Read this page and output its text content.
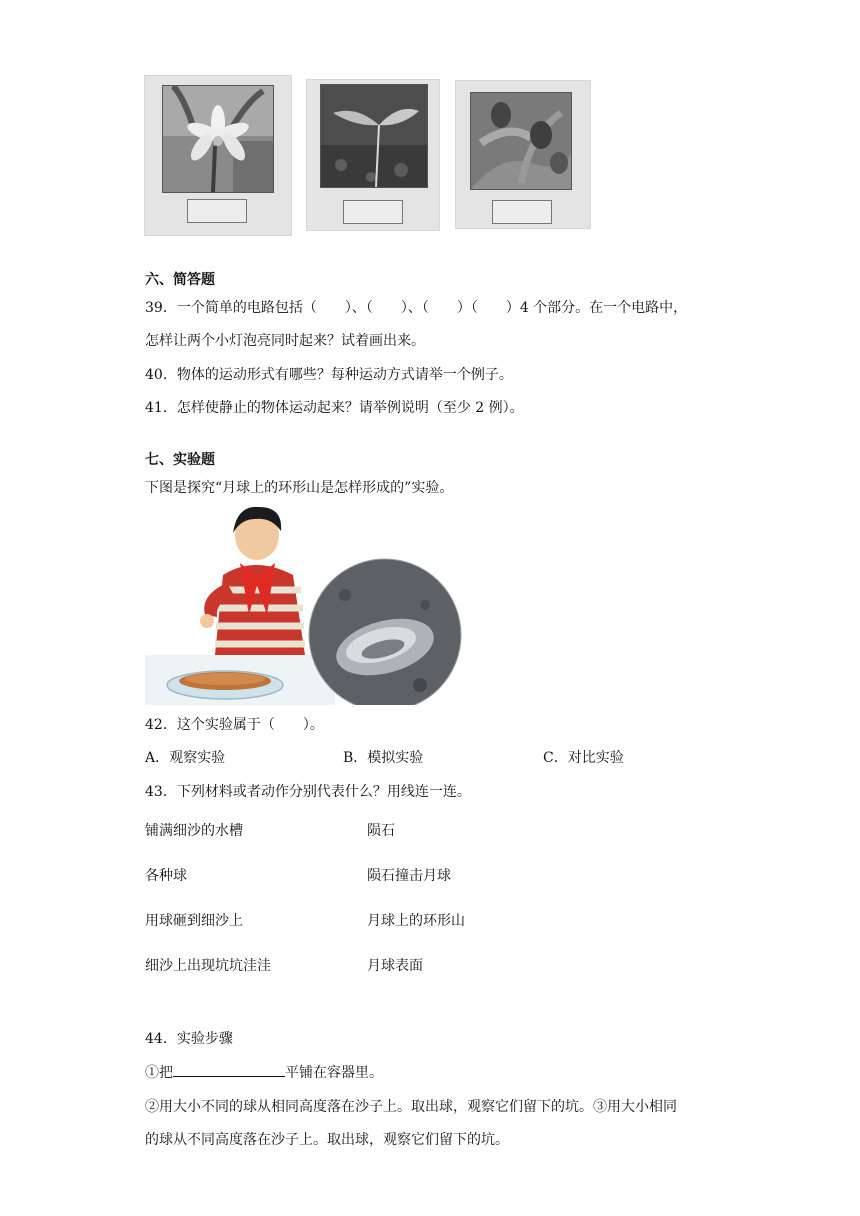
六、简答题
39．一个简单的电路包括（　　）、（　　）、（　　）（　　）4 个部分。在一个电路中，
怎样让两个小灯泡亮同时起来？试着画出来。
40．物体的运动形式有哪些？每种运动方式请举一个例子。
41．怎样使静止的物体运动起来？请举例说明（至少 2 例）。
七、实验题
下图是探究“月球上的环形山是怎样形成的”实验。
42．这个实验属于（　　）。
A．观察实验	B．模拟实验	C．对比实验
43．下列材料或者动作分别代表什么？用线连一连。
铺满细沙的水槽	陨石
各种球	陨石撞击月球
用球砸到细沙上	月球上的环形山
细沙上出现坑坑洼洼	月球表面
44．实验步骤
①把	平铺在容器里。
②用大小不同的球从相同高度落在沙子上。取出球，观察它们留下的坑。③用大小相同
的球从不同高度落在沙子上。取出球，观察它们留下的坑。
